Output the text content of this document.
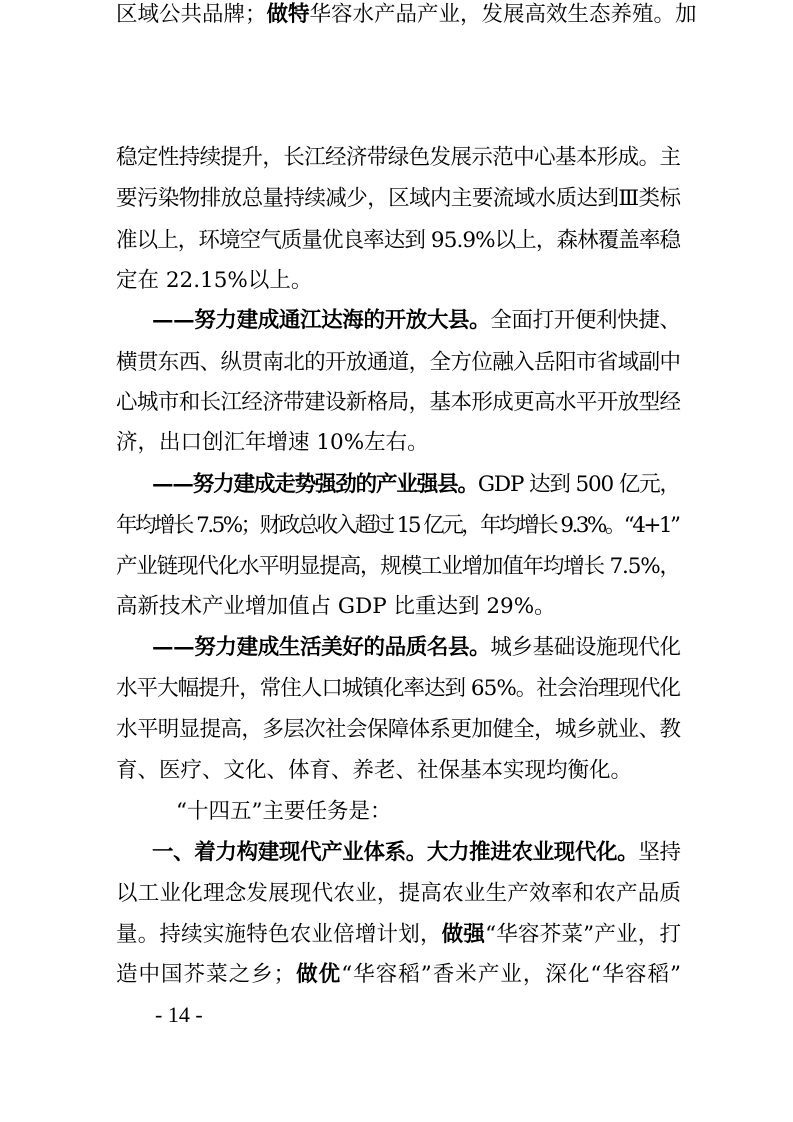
稳定性持续提升，长江经济带绿色发展示范中心基本形成。主
要污染物排放总量持续减少，区域内主要流域水质达到Ⅲ类标
准以上，环境空气质量优良率达到 95.9%以上，森林覆盖率稳
定在 22.15%以上。
——努力建成通江达海的开放大县。全面打开便利快捷、
横贯东西、纵贯南北的开放通道，全方位融入岳阳市省域副中
心城市和长江经济带建设新格局，基本形成更高水平开放型经
济，出口创汇年增速 10%左右。
——努力建成走势强劲的产业强县。GDP 达到 500 亿元，
年均增长 7.5%；财政总收入超过 15 亿元，年均增长 9.3%。“4+1”
产业链现代化水平明显提高，规模工业增加值年均增长 7.5%，
高新技术产业增加值占 GDP 比重达到 29%。
——努力建成生活美好的品质名县。城乡基础设施现代化
水平大幅提升，常住人口城镇化率达到 65%。社会治理现代化
水平明显提高，多层次社会保障体系更加健全，城乡就业、教
育、医疗、文化、体育、养老、社保基本实现均衡化。
“十四五”主要任务是：
一、着力构建现代产业体系。大力推进农业现代化。坚持
以工业化理念发展现代农业，提高农业生产效率和农产品质
量。持续实施特色农业倍增计划，做强“华容芥菜”产业，打
造中国芥菜之乡；做优“华容稻”香米产业，深化“华容稻”
区域公共品牌；做特华容水产品产业，发展高效生态养殖。加
- 14 -
